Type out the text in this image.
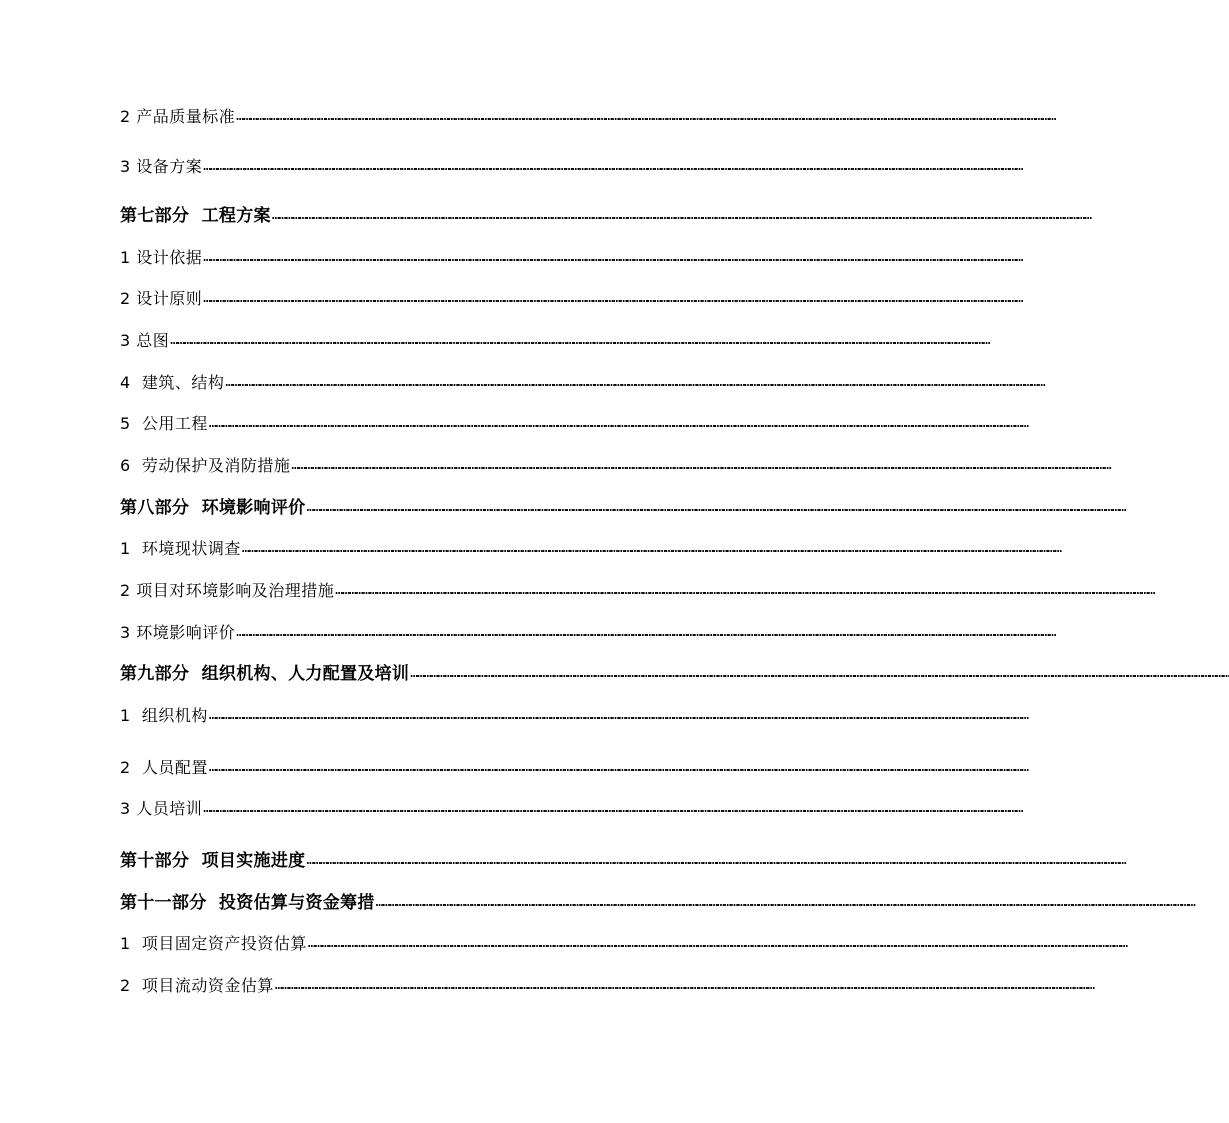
2 产品质量标准 ………………………………………………………………………………………………………………………………………………………………………………………………………………………………………………………………………………………………………………………………
3 设备方案 ………………………………………………………………………………………………………………………………………………………………………………………………………………………………………………………………………………………………………………………………
第七部分  工程方案 ………………………………………………………………………………………………………………………………………………………………………………………………………………………………………………………………………………………………………………………………
1 设计依据 ………………………………………………………………………………………………………………………………………………………………………………………………………………………………………………………………………………………………………………………………
2 设计原则 ………………………………………………………………………………………………………………………………………………………………………………………………………………………………………………………………………………………………………………………………
3 总图 ………………………………………………………………………………………………………………………………………………………………………………………………………………………………………………………………………………………………………………………………
4  建筑、结构 ………………………………………………………………………………………………………………………………………………………………………………………………………………………………………………………………………………………………………………………………
5  公用工程 ………………………………………………………………………………………………………………………………………………………………………………………………………………………………………………………………………………………………………………………………
6  劳动保护及消防措施 ………………………………………………………………………………………………………………………………………………………………………………………………………………………………………………………………………………………………………………………………
第八部分  环境影响评价 ………………………………………………………………………………………………………………………………………………………………………………………………………………………………………………………………………………………………………………………………
1  环境现状调查 ………………………………………………………………………………………………………………………………………………………………………………………………………………………………………………………………………………………………………………………………
2 项目对环境影响及治理措施 ………………………………………………………………………………………………………………………………………………………………………………………………………………………………………………………………………………………………………………………………
3 环境影响评价 ………………………………………………………………………………………………………………………………………………………………………………………………………………………………………………………………………………………………………………………………
第九部分  组织机构、人力配置及培训 ………………………………………………………………………………………………………………………………………………………………………………………………………………………………………………………………………………………………………………………………
1  组织机构 ………………………………………………………………………………………………………………………………………………………………………………………………………………………………………………………………………………………………………………………………
2  人员配置 ………………………………………………………………………………………………………………………………………………………………………………………………………………………………………………………………………………………………………………………………
3 人员培训 ………………………………………………………………………………………………………………………………………………………………………………………………………………………………………………………………………………………………………………………………
第十部分  项目实施进度 ………………………………………………………………………………………………………………………………………………………………………………………………………………………………………………………………………………………………………………………………
第十一部分  投资估算与资金筹措 ………………………………………………………………………………………………………………………………………………………………………………………………………………………………………………………………………………………………………………………………
1  项目固定资产投资估算 ………………………………………………………………………………………………………………………………………………………………………………………………………………………………………………………………………………………………………………………………
2  项目流动资金估算 ………………………………………………………………………………………………………………………………………………………………………………………………………………………………………………………………………………………………………………………………
